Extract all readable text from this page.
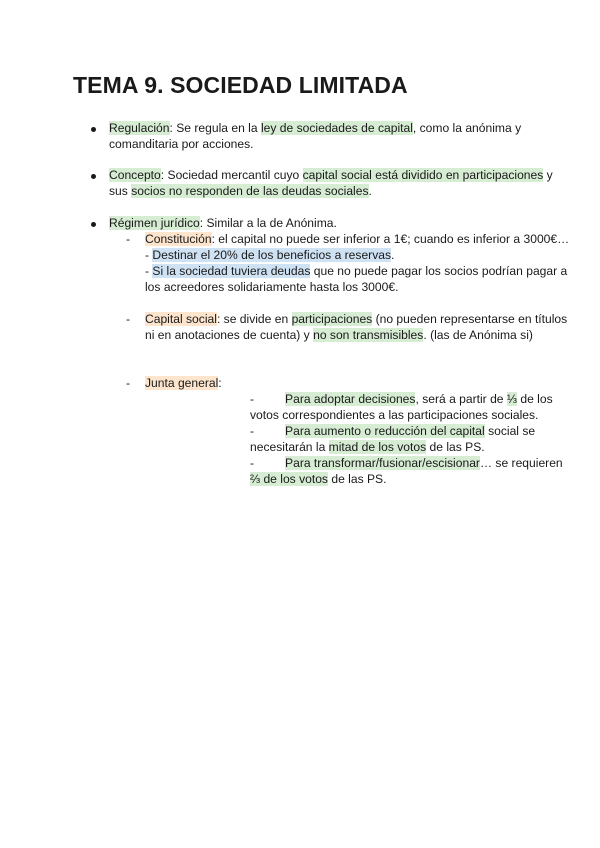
TEMA 9. SOCIEDAD LIMITADA
Regulación: Se regula en la ley de sociedades de capital, como la anónima y
comanditaria por acciones.
Concepto: Sociedad mercantil cuyo capital social está dividido en participaciones y
sus socios no responden de las deudas sociales.
Régimen jurídico: Similar a la de Anónima.
- Constitución: el capital no puede ser inferior a 1€; cuando es inferior a 3000€…
- Destinar el 20% de los beneficios a reservas.
- Si la sociedad tuviera deudas que no puede pagar los socios podrían pagar a
los acreedores solidariamente hasta los 3000€.
- Capital social: se divide en participaciones (no pueden representarse en títulos
ni en anotaciones de cuenta) y no son transmisibles. (las de Anónima si)
- Junta general:
-	Para adoptar decisiones, será a partir de ⅓ de los
votos correspondientes a las participaciones sociales.
-	Para aumento o reducción del capital social se
necesitarán la mitad de los votos de las PS.
-	Para transformar/fusionar/escisionar… se requieren
⅔ de los votos de las PS.
